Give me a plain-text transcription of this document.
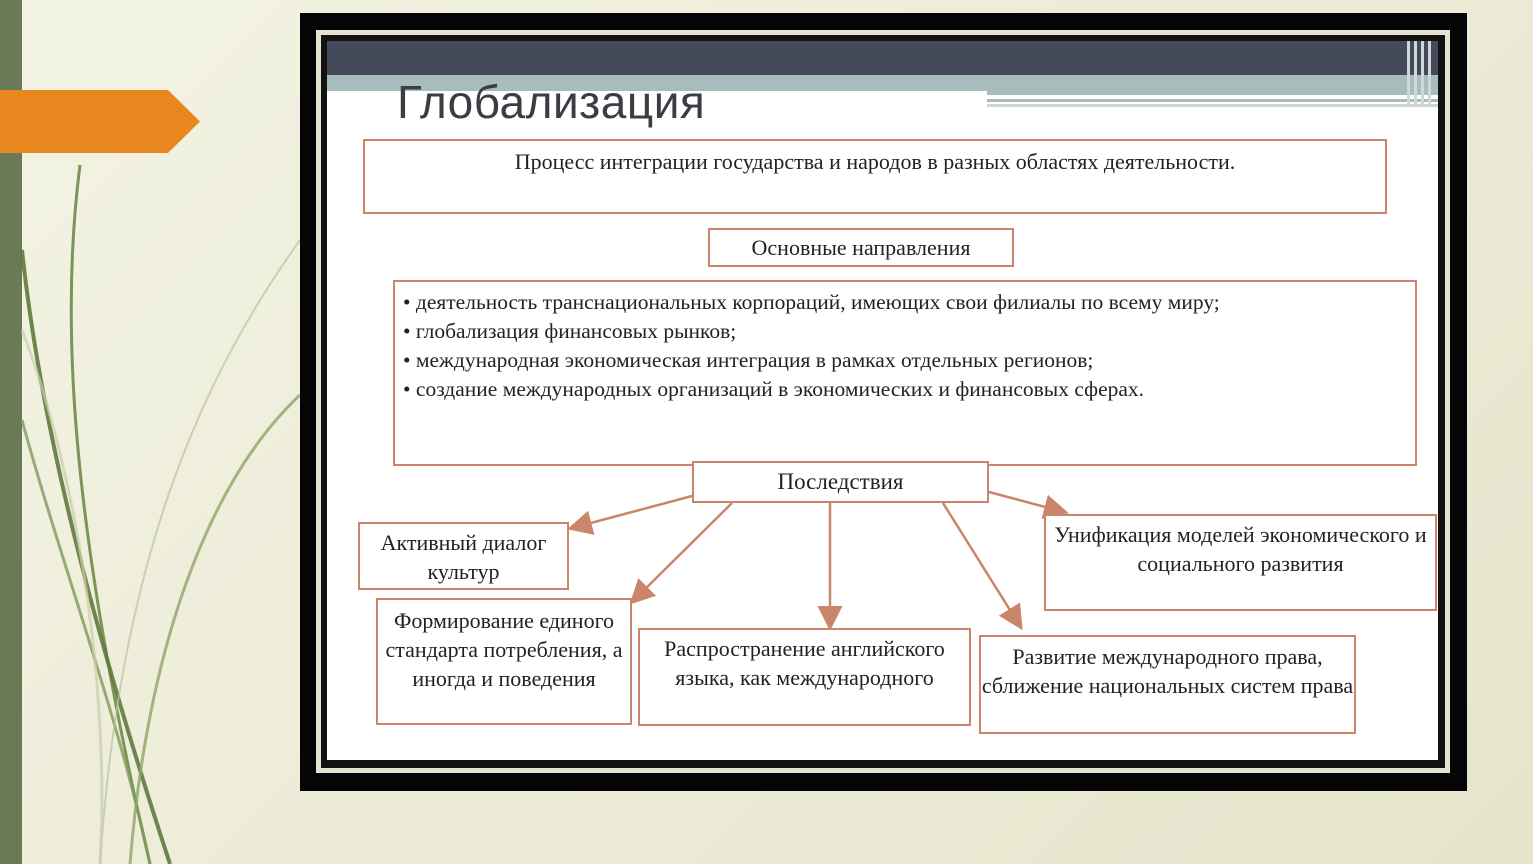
Глобализация
Процесс интеграции государства и народов в разных областях деятельности.
Основные направления
• деятельность транснациональных корпораций, имеющих свои филиалы по всему миру;
• глобализация финансовых рынков;
• международная экономическая интеграция в рамках отдельных регионов;
• создание международных организаций в экономических и финансовых сферах.
Последствия
Активный диалог культур
Формирование единого стандарта потребления, а иногда и поведения
Распространение английского языка, как международного
Развитие международного права, сближение национальных систем права
Унификация моделей экономического и социального развития
